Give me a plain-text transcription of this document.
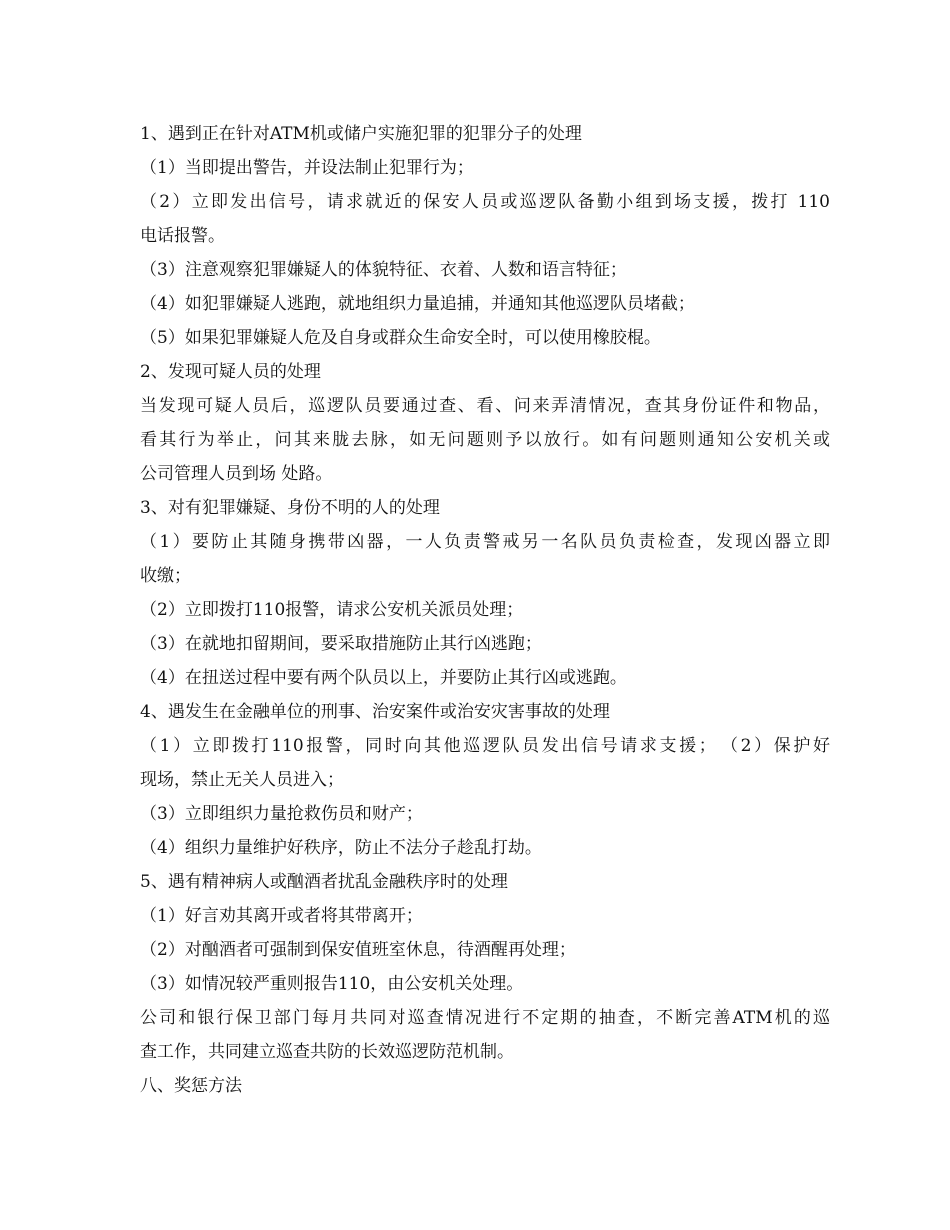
1、遇到正在针对ATM机或储户实施犯罪的犯罪分子的处理
（1）当即提出警告，并设法制止犯罪行为；
（2）立即发出信号，请求就近的保安人员或巡逻队备勤小组到场支援，拨打 110
电话报警。
（3）注意观察犯罪嫌疑人的体貌特征、衣着、人数和语言特征；
（4）如犯罪嫌疑人逃跑，就地组织力量追捕，并通知其他巡逻队员堵截；
（5）如果犯罪嫌疑人危及自身或群众生命安全时，可以使用橡胶棍。
2、发现可疑人员的处理
当发现可疑人员后，巡逻队员要通过查、看、问来弄清情况，查其身份证件和物品，
看其行为举止，问其来胧去脉，如无问题则予以放行。如有问题则通知公安机关或
公司管理人员到场 处路。
3、对有犯罪嫌疑、身份不明的人的处理
（1）要防止其随身携带凶器，一人负责警戒另一名队员负责检查，发现凶器立即
收缴；
（2）立即拨打110报警，请求公安机关派员处理；
（3）在就地扣留期间，要采取措施防止其行凶逃跑；
（4）在扭送过程中要有两个队员以上，并要防止其行凶或逃跑。
4、遇发生在金融单位的刑事、治安案件或治安灾害事故的处理
（1）立即拨打110报警，同时向其他巡逻队员发出信号请求支援；　（2）保护好
现场，禁止无关人员进入；
（3）立即组织力量抢救伤员和财产；
（4）组织力量维护好秩序，防止不法分子趁乱打劫。
5、遇有精神病人或酗酒者扰乱金融秩序时的处理
（1）好言劝其离开或者将其带离开；
（2）对酗酒者可强制到保安值班室休息，待酒醒再处理；
（3）如情况较严重则报告110，由公安机关处理。
公司和银行保卫部门每月共同对巡查情况进行不定期的抽查，不断完善ATM机的巡
查工作，共同建立巡查共防的长效巡逻防范机制。
八、奖惩方法
